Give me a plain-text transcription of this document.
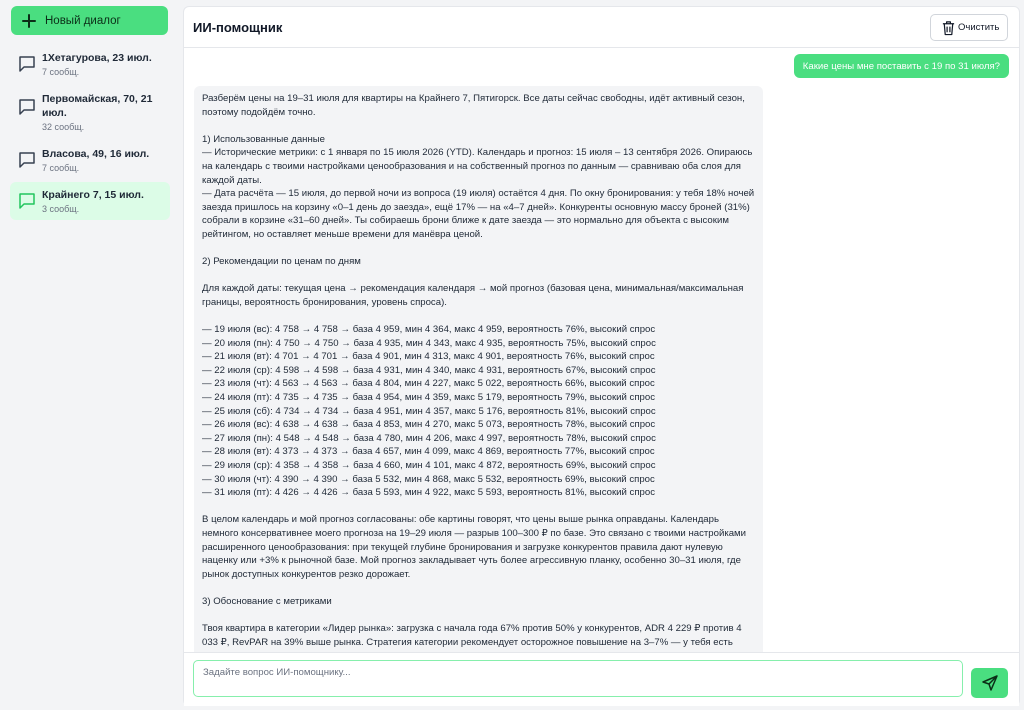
Новый диалог
1Хетагурова, 23 июл.
7 сообщ.
Первомайская, 70, 21 июл.
32 сообщ.
Власова, 49, 16 июл.
7 сообщ.
Крайнего 7, 15 июл.
3 сообщ.
ИИ-помощник	Очистить
Какие цены мне поставить с 19 по 31 июля?

Разберём цены на 19–31 июля для квартиры на Крайнего 7, Пятигорск. Все даты сейчас свободны, идёт активный сезон, поэтому подойдём точно.

1) Использованные данные

— Исторические метрики: с 1 января по 15 июля 2026 (YTD). Календарь и прогноз: 15 июля – 13 сентября 2026. Опираюсь на календарь с твоими настройками ценообразования и на собственный прогноз по данным — сравниваю оба слоя для каждой даты.

— Дата расчёта — 15 июля, до первой ночи из вопроса (19 июля) остаётся 4 дня. По окну бронирования: у тебя 18% ночей заезда пришлось на корзину «0–1 день до заезда», ещё 17% — на «4–7 дней». Конкуренты основную массу броней (31%) собрали в корзине «31–60 дней». Ты собираешь брони ближе к дате заезда — это нормально для объекта с высоким рейтингом, но оставляет меньше времени для манёвра ценой.

2) Рекомендации по ценам по дням

Для каждой даты: текущая цена → рекомендация календаря → мой прогноз (базовая цена, минимальная/максимальная границы, вероятность бронирования, уровень спроса).

— 19 июля (вс): 4 758 → 4 758 → база 4 959, мин 4 364, макс 4 959, вероятность 76%, высокий спрос

— 20 июля (пн): 4 750 → 4 750 → база 4 935, мин 4 343, макс 4 935, вероятность 75%, высокий спрос

— 21 июля (вт): 4 701 → 4 701 → база 4 901, мин 4 313, макс 4 901, вероятность 76%, высокий спрос

— 22 июля (ср): 4 598 → 4 598 → база 4 931, мин 4 340, макс 4 931, вероятность 67%, высокий спрос

— 23 июля (чт): 4 563 → 4 563 → база 4 804, мин 4 227, макс 5 022, вероятность 66%, высокий спрос

— 24 июля (пт): 4 735 → 4 735 → база 4 954, мин 4 359, макс 5 179, вероятность 79%, высокий спрос

— 25 июля (сб): 4 734 → 4 734 → база 4 951, мин 4 357, макс 5 176, вероятность 81%, высокий спрос

— 26 июля (вс): 4 638 → 4 638 → база 4 853, мин 4 270, макс 5 073, вероятность 78%, высокий спрос

— 27 июля (пн): 4 548 → 4 548 → база 4 780, мин 4 206, макс 4 997, вероятность 78%, высокий спрос

— 28 июля (вт): 4 373 → 4 373 → база 4 657, мин 4 099, макс 4 869, вероятность 77%, высокий спрос

— 29 июля (ср): 4 358 → 4 358 → база 4 660, мин 4 101, макс 4 872, вероятность 69%, высокий спрос

— 30 июля (чт): 4 390 → 4 390 → база 5 532, мин 4 868, макс 5 532, вероятность 69%, высокий спрос

— 31 июля (пт): 4 426 → 4 426 → база 5 593, мин 4 922, макс 5 593, вероятность 81%, высокий спрос

В целом календарь и мой прогноз согласованы: обе картины говорят, что цены выше рынка оправданы. Календарь немного консервативнее моего прогноза на 19–29 июля — разрыв 100–300 ₽ по базе. Это связано с твоими настройками расширенного ценообразования: при текущей глубине бронирования и загрузке конкурентов правила дают нулевую наценку или +3% к рыночной базе. Мой прогноз закладывает чуть более агрессивную планку, особенно 30–31 июля, где рынок доступных конкурентов резко дорожает.

3) Обоснование с метриками

Твоя квартира в категории «Лидер рынка»: загрузка с начала года 67% против 50% у конкурентов, ADR 4 229 ₽ против 4 033 ₽, RevPAR на 39% выше рынка. Стратегия категории рекомендует осторожное повышение на 3–7% — у тебя есть

Задайте вопрос ИИ-помощнику...
